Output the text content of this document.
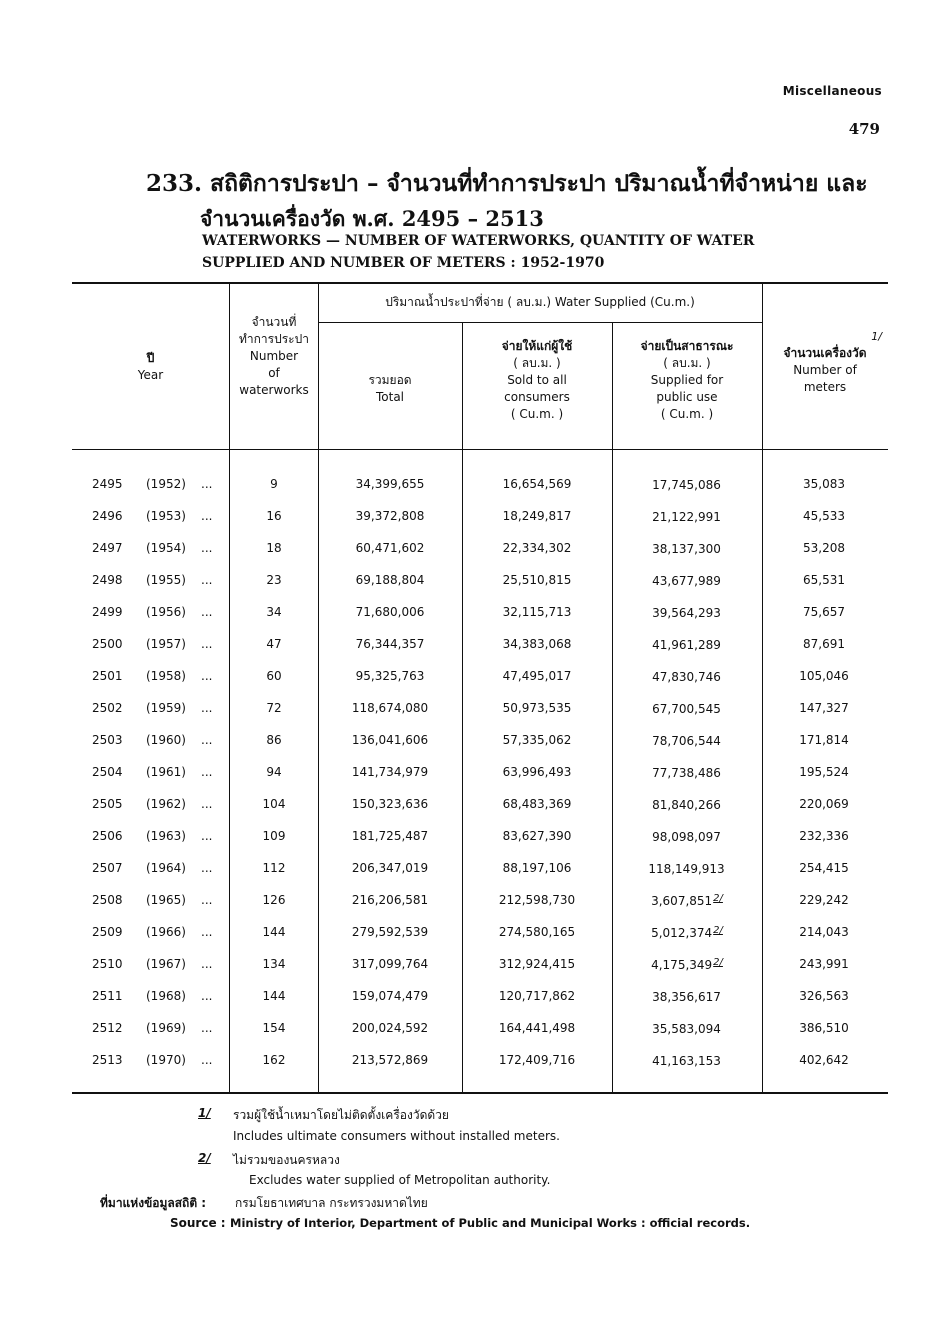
Miscellaneous
479
233. สถิติการประปา – จำนวนที่ทำการประปา ปริมาณน้ำที่จำหน่าย และ
จำนวนเครื่องวัด พ.ศ. 2495 – 2513
WATERWORKS — NUMBER OF WATERWORKS, QUANTITY OF WATER
SUPPLIED AND NUMBER OF METERS : 1952-1970
ปี
Year
จำนวนที่
ทำการประปา
Number
of
waterworks
ปริมาณน้ำประปาที่จ่าย ( ลบ.ม.) Water Supplied (Cu.m.)
รวมยอด
Total
จ่ายให้แก่ผู้ใช้
( ลบ.ม. )
Sold to all
consumers
( Cu.m. )
จ่ายเป็นสาธารณะ
( ลบ.ม. )
Supplied for
public use
( Cu.m. )
1/
จำนวนเครื่องวัด
Number of
meters
2495 (1952)	9	34,399,655	16,654,569	17,745,086	35,083
...
2496 (1953)	16	39,372,808	18,249,817	21,122,991	45,533
...
2497 (1954)	18	60,471,602	22,334,302	38,137,300	53,208
...
2498 (1955)	23	69,188,804	25,510,815	43,677,989	65,531
...
2499 (1956)	34	71,680,006	32,115,713	39,564,293	75,657
...
2500 (1957)	47	76,344,357	34,383,068	41,961,289	87,691
...
2501 (1958)	60	95,325,763	47,495,017	47,830,746	105,046
...
2502 (1959)	72	118,674,080	50,973,535	67,700,545	147,327
...
2503 (1960)	86	136,041,606	57,335,062	78,706,544	171,814
...
2504 (1961)	94	141,734,979	63,996,493	77,738,486	195,524
...
2505 (1962)	104	150,323,636	68,483,369	81,840,266	220,069
...
2506 (1963)	109	181,725,487	83,627,390	98,098,097	232,336
...
2507 (1964)	112	206,347,019	88,197,106	118,149,913	254,415
...
2508 (1965)	126	216,206,581	212,598,730	3,607,851$^{2/}$	229,242
...
2509 (1966)	144	279,592,539	274,580,165	5,012,374$^{2/}$	214,043
...
2510 (1967)	134	317,099,764	312,924,415	4,175,349$^{2/}$	243,991
...
2511 (1968)	144	159,074,479	120,717,862	38,356,617	326,563
...
2512 (1969)	154	200,024,592	164,441,498	35,583,094	386,510
...
2513 (1970)	162	213,572,869	172,409,716	41,163,153	402,642
...
1/ รวมผู้ใช้น้ำเหมาโดยไม่ติดตั้งเครื่องวัดด้วย
Includes ultimate consumers without installed meters.
2/ ไม่รวมของนครหลวง
Excludes water supplied of Metropolitan authority.
ที่มาแห่งข้อมูลสถิติ : กรมโยธาเทศบาล กระทรวงมหาดไทย
Source : Ministry of Interior, Department of Public and Municipal Works : official records.
